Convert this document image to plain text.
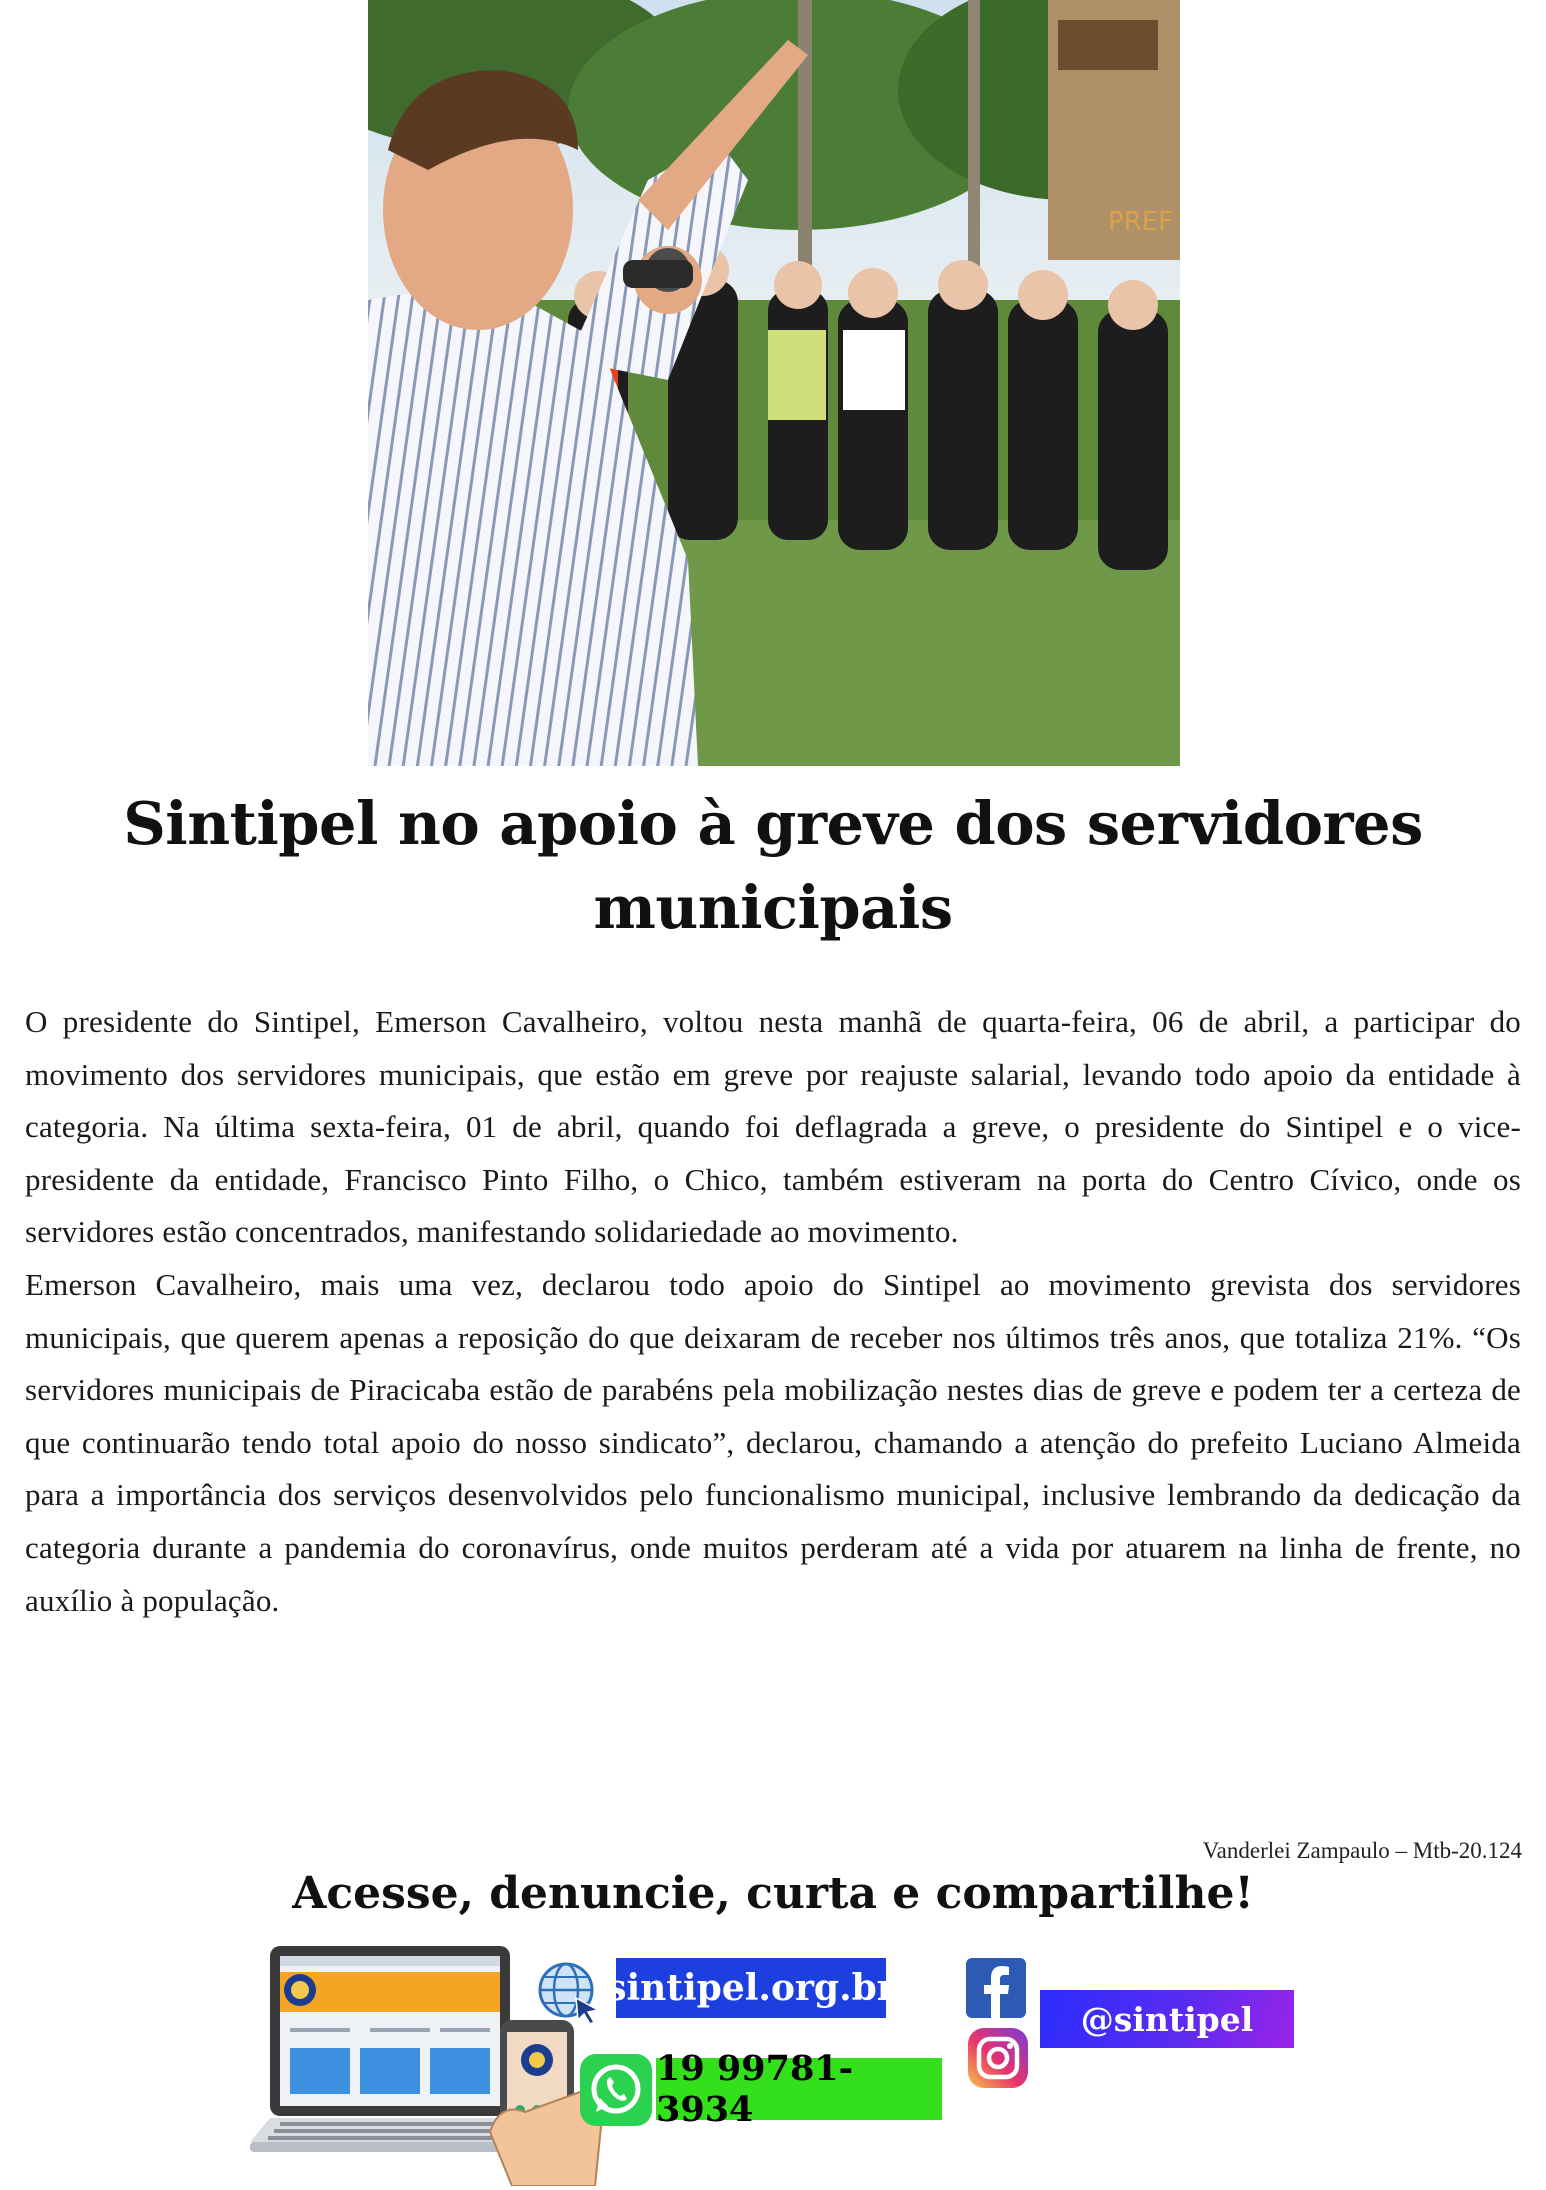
PREF
Sintipel no apoio à greve dos servidores municipais

O presidente do Sintipel, Emerson Cavalheiro, voltou nesta manhã de quarta-feira, 06 de abril, a participar do movimento dos servidores municipais, que estão em greve por reajuste salarial, levando todo apoio da entidade à categoria. Na última sexta-feira, 01 de abril, quando foi deflagrada a greve, o presidente do Sintipel e o vice-presidente da entidade, Francisco Pinto Filho, o Chico, também estiveram na porta do Centro Cívico, onde os servidores estão concentrados, manifestando solidariedade ao movimento.

Emerson Cavalheiro, mais uma vez, declarou todo apoio do Sintipel ao movimento grevista dos servidores municipais, que querem apenas a reposição do que deixaram de receber nos últimos três anos, que totaliza 21%. “Os servidores municipais de Piracicaba estão de parabéns pela mobilização nestes dias de greve e podem ter a certeza de que continuarão tendo total apoio do nosso sindicato”, declarou, chamando a atenção do prefeito Luciano Almeida para a importância dos serviços desenvolvidos pelo funcionalismo municipal, inclusive lembrando da dedicação da categoria durante a pandemia do coronavírus, onde muitos perderam até a vida por atuarem na linha de frente, no auxílio à população.

Vanderlei Zampaulo – Mtb-20.124
Acesse, denuncie, curta e compartilhe!
sintipel.org.br
19 99781-3934
@sintipel
